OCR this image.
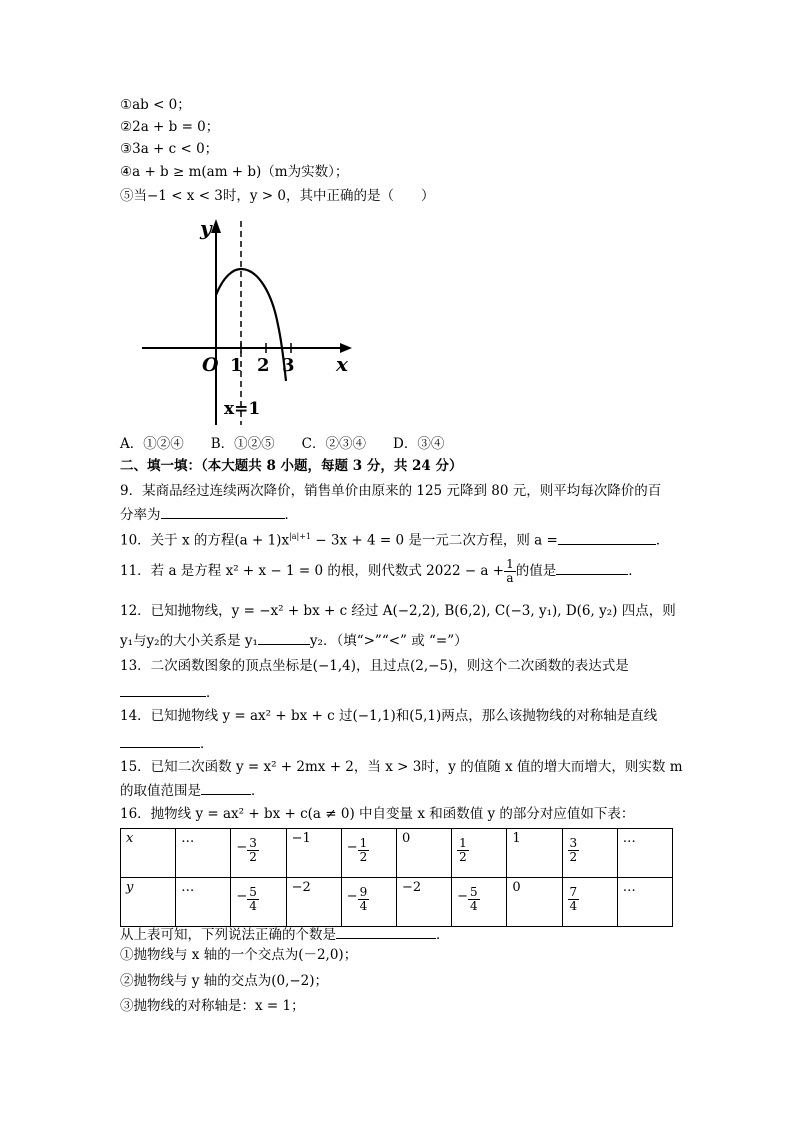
①ab < 0；
②2a + b = 0；
③3a + c < 0；
④a + b ≥ m(am + b)（m为实数）；
⑤当−1 < x < 3时，y > 0，其中正确的是（　　）
y
x
O 1 2 3
x=1
A．①②④　　B．①②⑤　　C．②③④　　D．③④
二、填一填：（本大题共 8 小题，每题 3 分，共 24 分）
9．某商品经过连续两次降价，销售单价由原来的 125 元降到 80 元，则平均每次降价的百
分率为	．
10．关于 x 的方程$(a + 1)x^{|a|+1} - 3x + 4 = 0$ 是一元二次方程，则 a =	．
11．若 a 是方程 x² + x − 1 = 0 的根，则代数式 $2022 - a + \frac{1}{a}$ 的值是	．
12．已知抛物线，y = −x² + bx + c 经过 A(−2,2), B(6,2), C(−3, y₁), D(6, y₂) 四点，则
y₁与y₂的大小关系是 y₁	y₂．（填“>”“<” 或 “=”）
13．二次函数图象的顶点坐标是(−1,4)，且过点(2,−5)，则这个二次函数的表达式是
．
14．已知抛物线 y = ax² + bx + c 过(−1,1)和(5,1)两点，那么该抛物线的对称轴是直线
．
15．已知二次函数 y = x² + 2mx + 2，当 x > 3时，y 的值随 x 值的增大而增大，则实数 m
的取值范围是	．
16．抛物线 y = ax² + bx + c(a ≠ 0) 中自变量 x 和函数值 y 的部分对应值如下表：
x	…	− $\frac{3}{2}$	−1	− $\frac{1}{2}$	0	$\frac{1}{2}$	1	$\frac{3}{2}$	…
y	…	− $\frac{5}{4}$	−2	− $\frac{9}{4}$	−2	− $\frac{5}{4}$	0	$\frac{7}{4}$	…
从上表可知，下列说法正确的个数是	．
①抛物线与 x 轴的一个交点为(－2,0)；
②抛物线与 y 轴的交点为(0,−2)；
③抛物线的对称轴是：x = 1；
